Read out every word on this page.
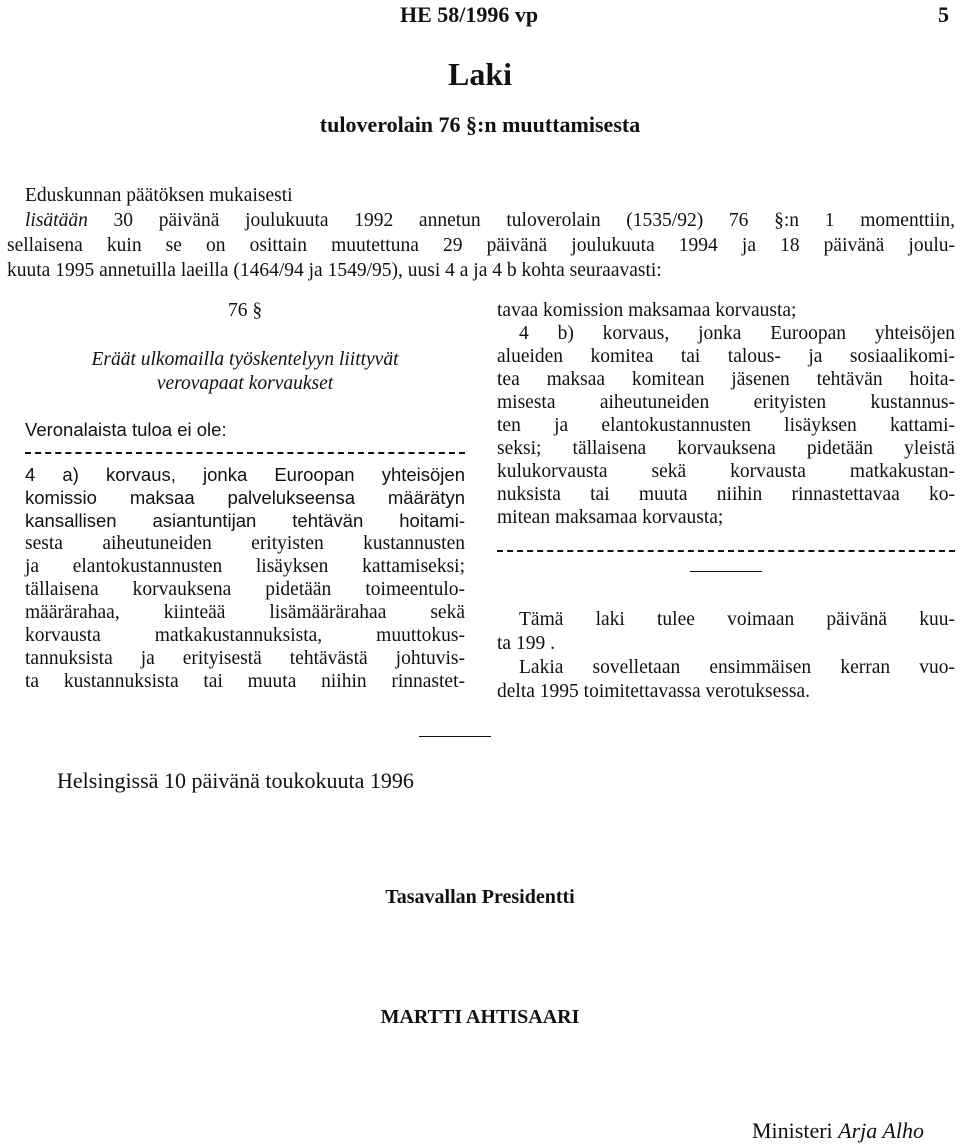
HE 58/1996 vp	5
Laki
tuloverolain 76 §:n muuttamisesta
Eduskunnan päätöksen mukaisesti
lisätään 30 päivänä joulukuuta 1992 annetun tuloverolain (1535/92) 76 §:n 1 momenttiin,
sellaisena kuin se on osittain muutettuna 29 päivänä joulukuuta 1994 ja 18 päivänä joulu-
kuuta 1995 annetuilla laeilla (1464/94 ja 1549/95), uusi 4 a ja 4 b kohta seuraavasti:
76 §
Eräät ulkomailla työskentelyyn liittyvät
verovapaat korvaukset
Veronalaista tuloa ei ole:
4 a) korvaus, jonka Euroopan yhteisöjen
komissio maksaa palvelukseensa määrätyn
kansallisen asiantuntijan tehtävän hoitami-
sesta aiheutuneiden erityisten kustannusten
ja elantokustannusten lisäyksen kattamiseksi;
tällaisena korvauksena pidetään toimeentulo-
määrärahaa, kiinteää lisämäärärahaa sekä
korvausta matkakustannuksista, muuttokus-
tannuksista ja erityisestä tehtävästä johtuvis-
ta kustannuksista tai muuta niihin rinnastet-
tavaa komission maksamaa korvausta;
4 b) korvaus, jonka Euroopan yhteisöjen
alueiden komitea tai talous- ja sosiaalikomi-
tea maksaa komitean jäsenen tehtävän hoita-
misesta aiheutuneiden erityisten kustannus-
ten ja elantokustannusten lisäyksen kattami-
seksi; tällaisena korvauksena pidetään yleistä
kulukorvausta sekä korvausta matkakustan-
nuksista tai muuta niihin rinnastettavaa ko-
mitean maksamaa korvausta;
Tämä laki tulee voimaan päivänä kuu-
ta 199 .
Lakia sovelletaan ensimmäisen kerran vuo-
delta 1995 toimitettavassa verotuksessa.
Helsingissä 10 päivänä toukokuuta 1996
Tasavallan Presidentti
MARTTI AHTISAARI
Ministeri Arja Alho
